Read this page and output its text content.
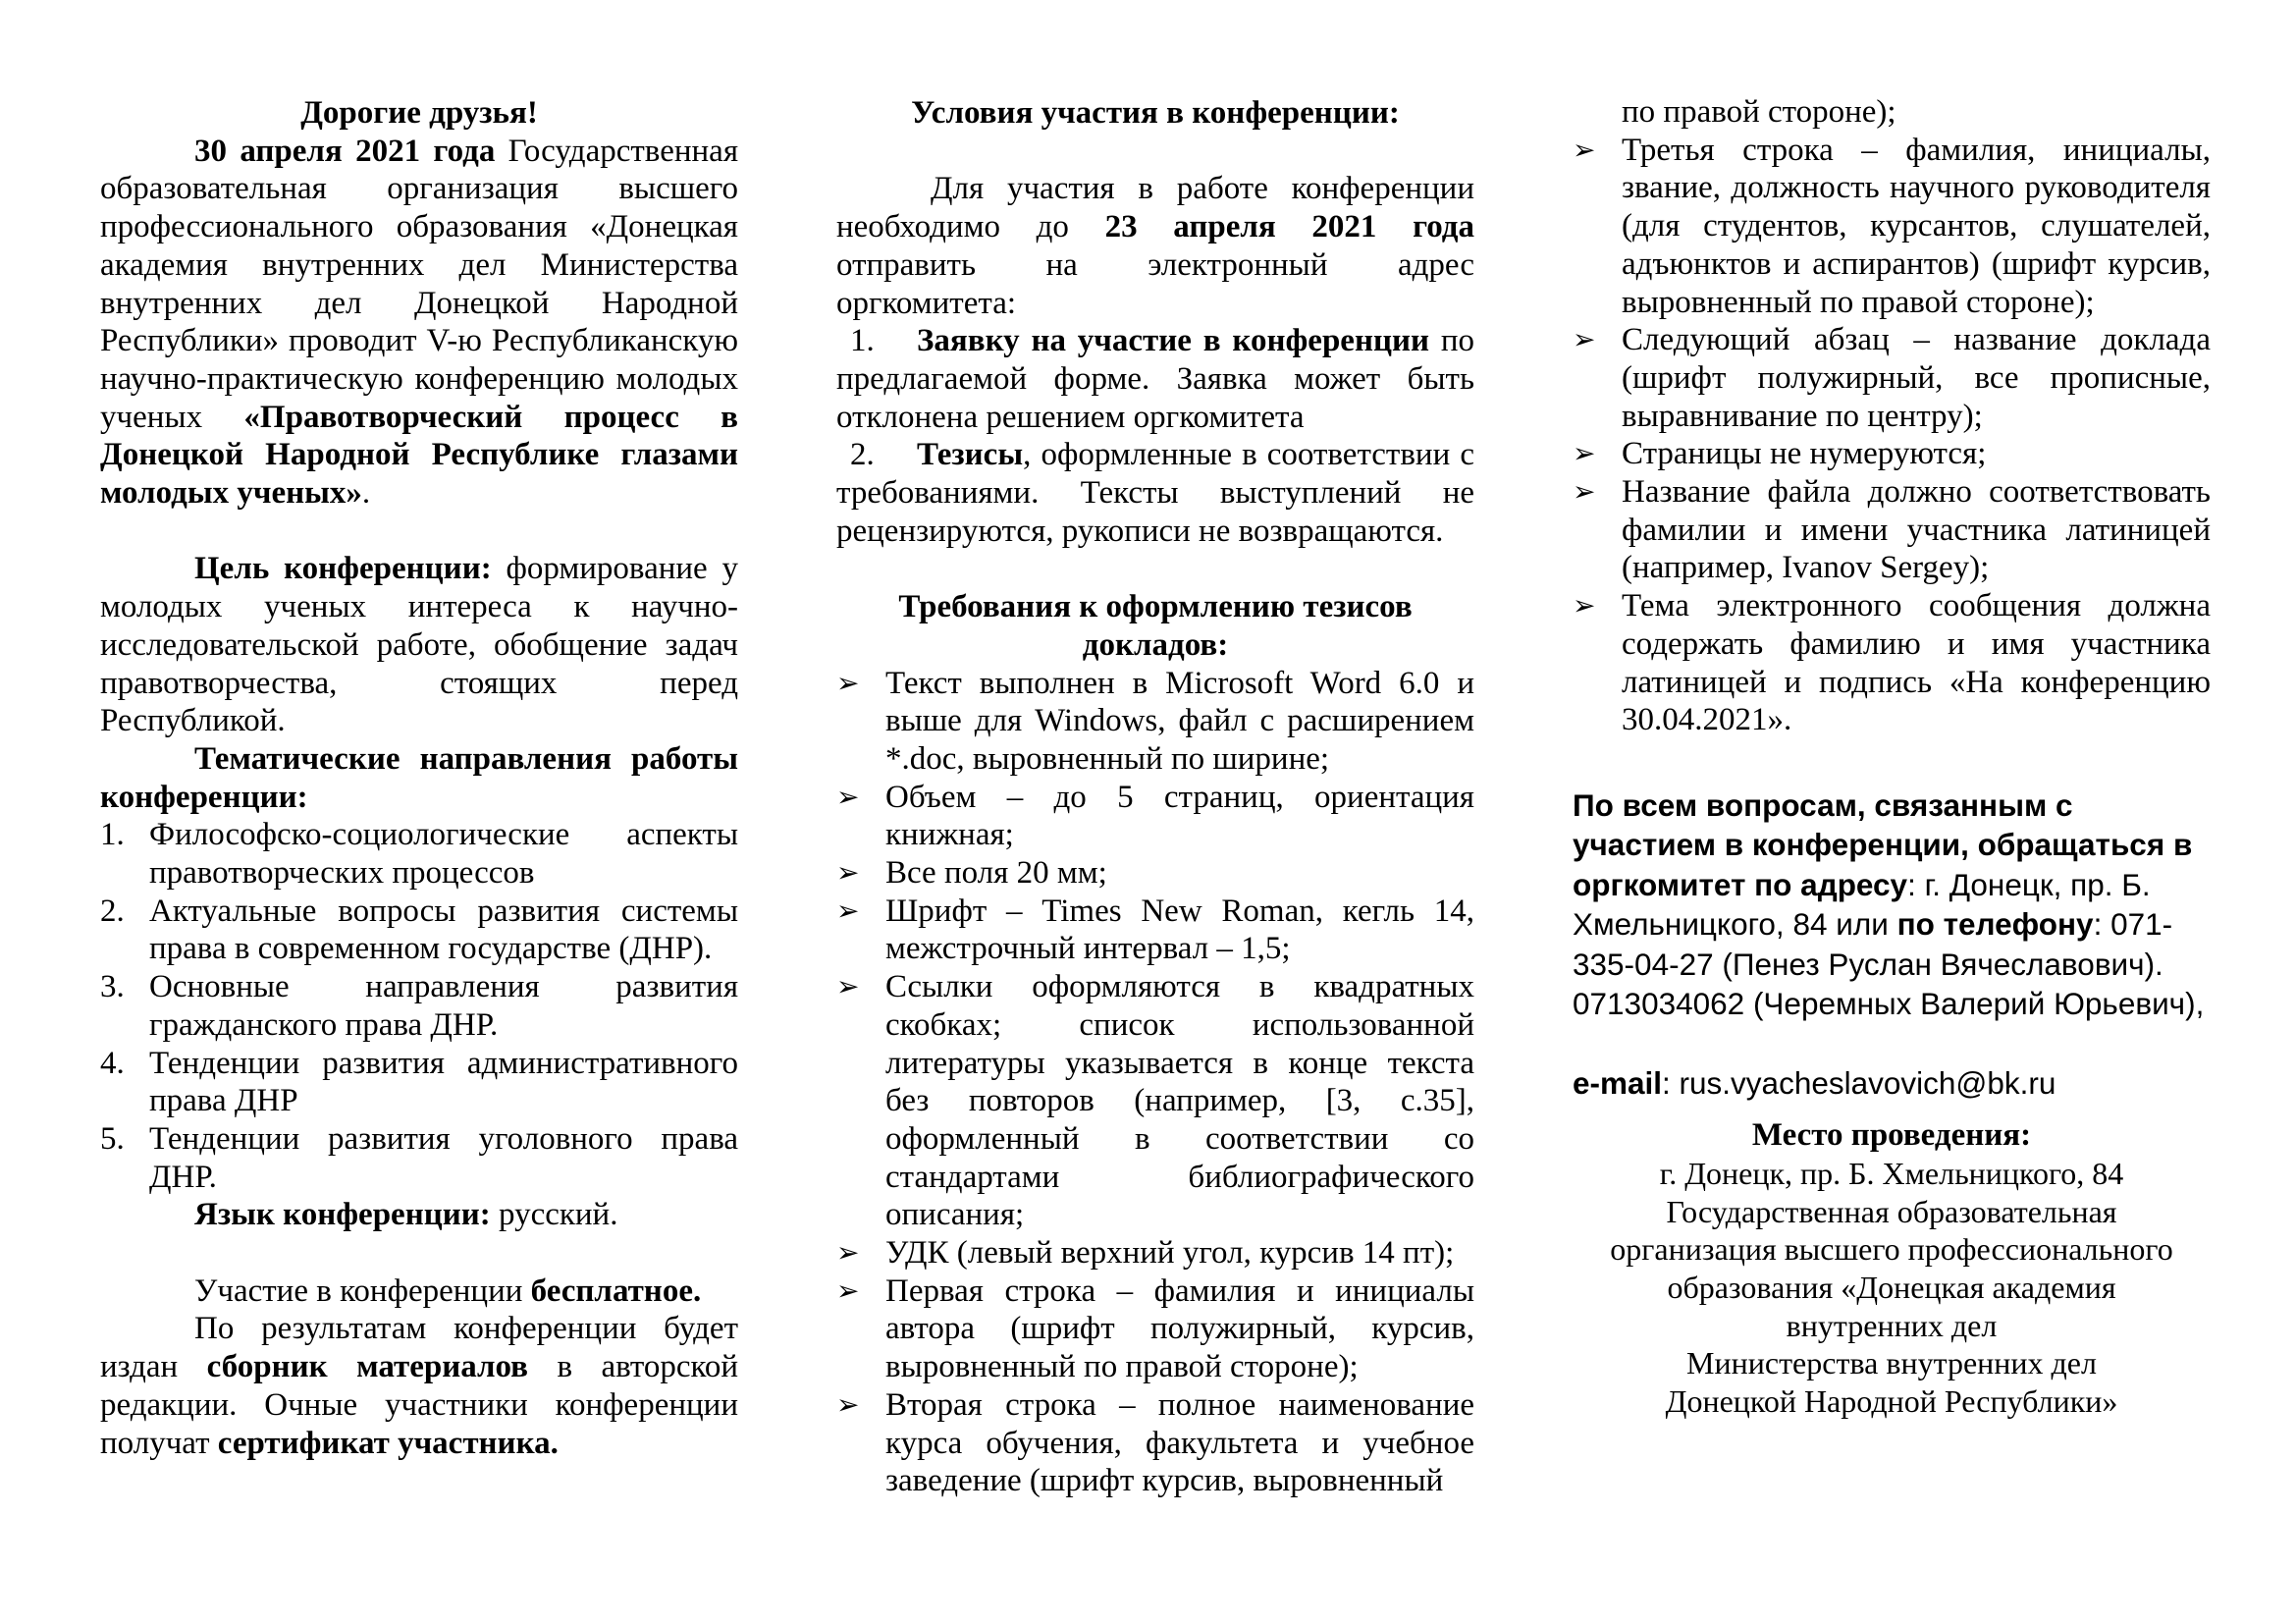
Дорогие друзья!

30 апреля 2021 года Государственная образовательная организация высшего профессионального образования «Донецкая академия внутренних дел Министерства внутренних дел Донецкой Народной Республики» проводит V-ю Республиканскую научно-практическую конференцию молодых ученых «Правотворческий процесс в Донецкой Народной Республике глазами молодых ученых».

Цель конференции: формирование у молодых ученых интереса к научно-исследовательской работе, обобщение задач правотворчества, стоящих перед Республикой.

Тематические направления работы конференции:

1. Философско-социологические аспекты правотворческих процессов
2. Актуальные вопросы развития системы права в современном государстве (ДНР).
3. Основные направления развития гражданского права ДНР.
4. Тенденции развития административного права ДНР
5. Тенденции развития уголовного права ДНР.

Язык конференции: русский.

Участие в конференции бесплатное.

По результатам конференции будет издан сборник материалов в авторской редакции. Очные участники конференции получат сертификат участника.

Условия участия в конференции:

Для участия в работе конференции необходимо до 23 апреля 2021 года отправить на электронный адрес оргкомитета:

1. Заявку на участие в конференции по предлагаемой форме. Заявка может быть отклонена решением оргкомитета

2. Тезисы, оформленные в соответствии с требованиями. Тексты выступлений не рецензируются, рукописи не возвращаются.

Требования к оформлению тезисов докладов:

➢ Текст выполнен в Microsoft Word 6.0 и выше для Windows, файл с расширением *.doc, выровненный по ширине;
➢ Объем – до 5 страниц, ориентация книжная;
➢ Все поля 20 мм;
➢ Шрифт – Times New Roman, кегль 14, межстрочный интервал – 1,5;
➢ Ссылки оформляются в квадратных скобках; список использованной литературы указывается в конце текста без повторов (например, [3, с.35], оформленный в соответствии со стандартами библиографического описания;
➢ УДК (левый верхний угол, курсив 14 пт);
➢ Первая строка – фамилия и инициалы автора (шрифт полужирный, курсив, выровненный по правой стороне);
➢ Вторая строка – полное наименование курса обучения, факультета и учебное заведение (шрифт курсив, выровненный

по правой стороне);

➢ Третья строка – фамилия, инициалы, звание, должность научного руководителя (для студентов, курсантов, слушателей, адъюнктов и аспирантов) (шрифт курсив, выровненный по правой стороне);
➢ Следующий абзац – название доклада (шрифт полужирный, все прописные, выравнивание по центру);
➢ Страницы не нумеруются;
➢ Название файла должно соответствовать фамилии и имени участника латиницей (например, Ivanov Sergey);
➢ Тема электронного сообщения должна содержать фамилию и имя участника латиницей и подпись «На конференцию 30.04.2021».

По всем вопросам, связанным с участием в конференции, обращаться в оргкомитет по адресу: г. Донецк, пр. Б. Хмельницкого, 84 или по телефону: 071-335-04-27 (Пенез Руслан Вячеславович). 0713034062 (Черемных Валерий Юрьевич),

e-mail: rus.vyacheslavovich@bk.ru

Место проведения:

г. Донецк, пр. Б. Хмельницкого, 84
Государственная образовательная
организация высшего профессионального
образования «Донецкая академия
внутренних дел
Министерства внутренних дел
Донецкой Народной Республики»
